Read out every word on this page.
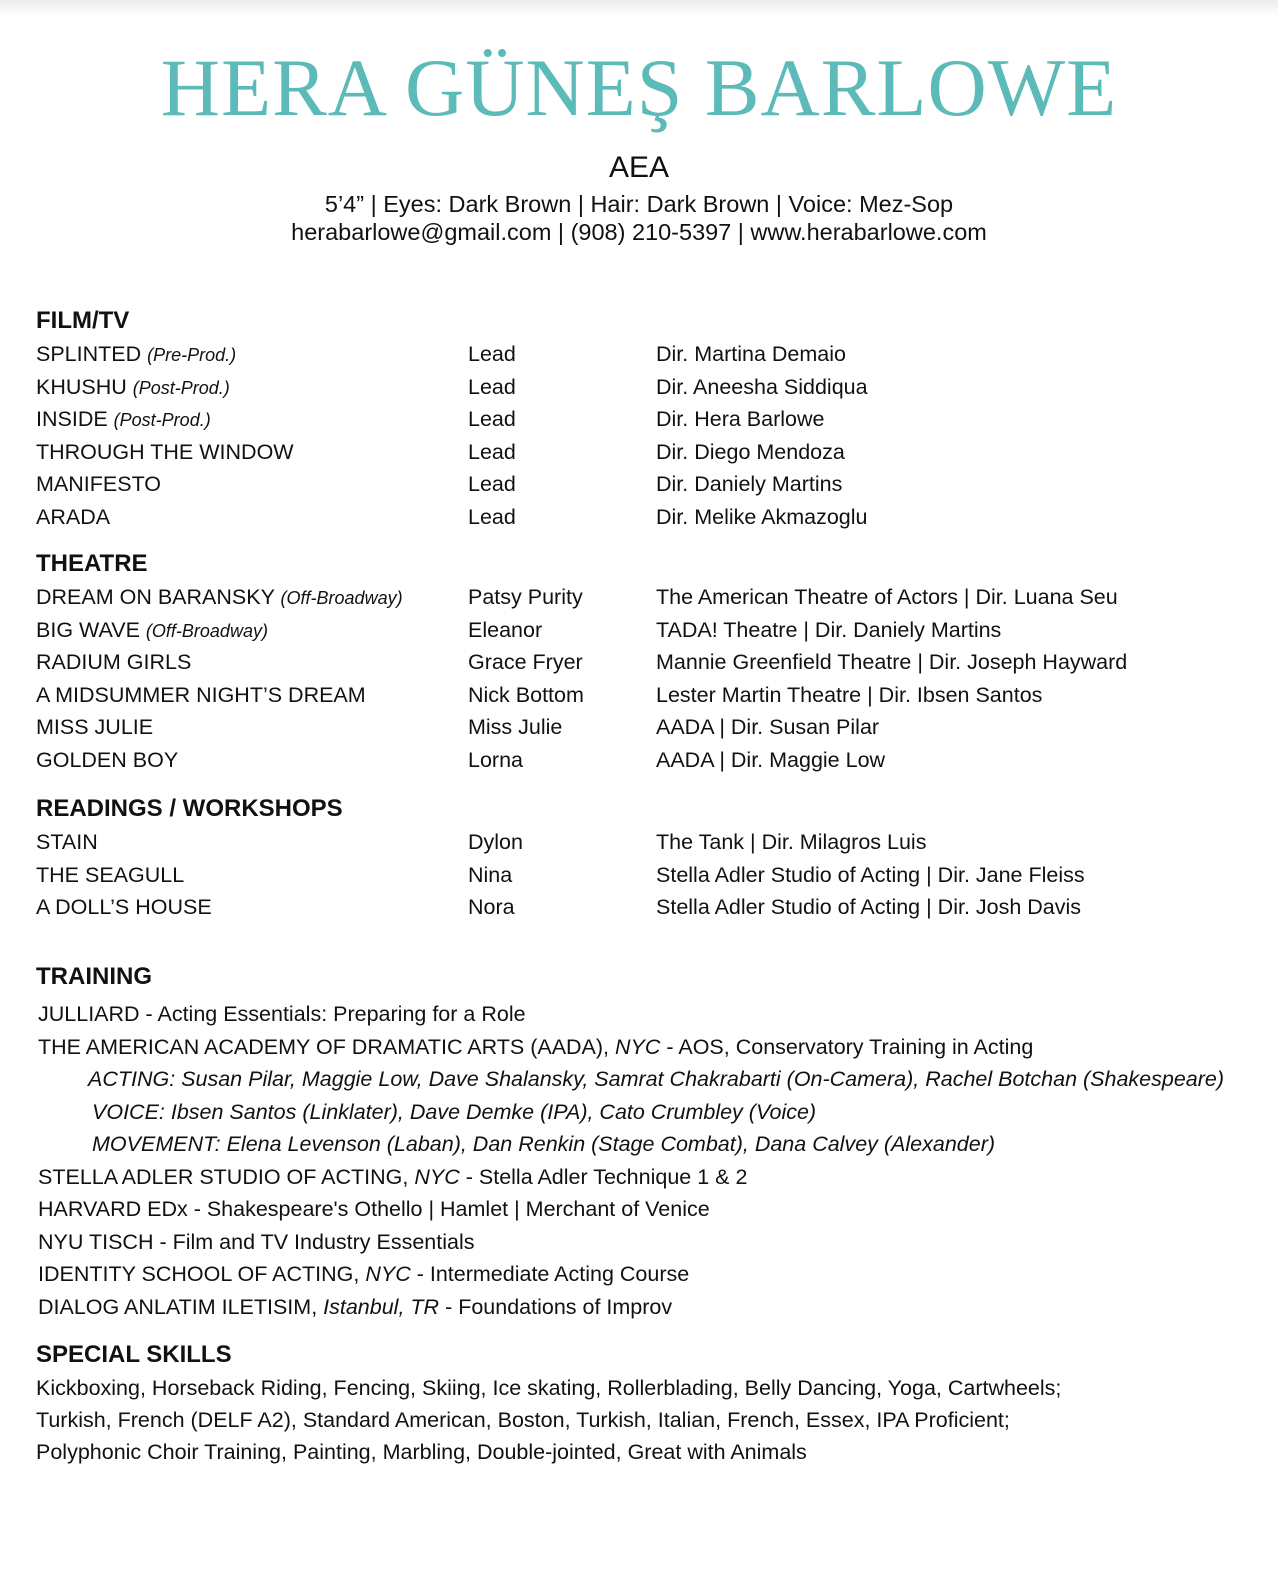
HERA GÜNEŞ BARLOWE
AEA
5’4” | Eyes: Dark Brown | Hair: Dark Brown | Voice: Mez-Sop
herabarlowe@gmail.com | (908) 210-5397 | www.herabarlowe.com
FILM/TV
SPLINTED (Pre-Prod.)	Lead	Dir. Martina Demaio
KHUSHU (Post-Prod.)	Lead	Dir. Aneesha Siddiqua
INSIDE (Post-Prod.)	Lead	Dir. Hera Barlowe
THROUGH THE WINDOW	Lead	Dir. Diego Mendoza
MANIFESTO	Lead	Dir. Daniely Martins
ARADA	Lead	Dir. Melike Akmazoglu
THEATRE
DREAM ON BARANSKY (Off-Broadway)	Patsy Purity	The American Theatre of Actors | Dir. Luana Seu
BIG WAVE (Off-Broadway)	Eleanor	TADA! Theatre | Dir. Daniely Martins
RADIUM GIRLS	Grace Fryer	Mannie Greenfield Theatre | Dir. Joseph Hayward
A MIDSUMMER NIGHT’S DREAM	Nick Bottom	Lester Martin Theatre | Dir. Ibsen Santos
MISS JULIE	Miss Julie	AADA | Dir. Susan Pilar
GOLDEN BOY	Lorna	AADA | Dir. Maggie Low
READINGS / WORKSHOPS
STAIN	Dylon	The Tank | Dir. Milagros Luis
THE SEAGULL	Nina	Stella Adler Studio of Acting | Dir. Jane Fleiss
A DOLL’S HOUSE	Nora	Stella Adler Studio of Acting | Dir. Josh Davis
TRAINING
JULLIARD - Acting Essentials: Preparing for a Role
THE AMERICAN ACADEMY OF DRAMATIC ARTS (AADA), NYC - AOS, Conservatory Training in Acting
ACTING: Susan Pilar, Maggie Low, Dave Shalansky, Samrat Chakrabarti (On-Camera), Rachel Botchan (Shakespeare)
VOICE: Ibsen Santos (Linklater), Dave Demke (IPA), Cato Crumbley (Voice)
MOVEMENT: Elena Levenson (Laban), Dan Renkin (Stage Combat), Dana Calvey (Alexander)
STELLA ADLER STUDIO OF ACTING, NYC - Stella Adler Technique 1 & 2
HARVARD EDx - Shakespeare's Othello | Hamlet | Merchant of Venice
NYU TISCH - Film and TV Industry Essentials
IDENTITY SCHOOL OF ACTING, NYC - Intermediate Acting Course
DIALOG ANLATIM ILETISIM, Istanbul, TR - Foundations of Improv
SPECIAL SKILLS
Kickboxing, Horseback Riding, Fencing, Skiing, Ice skating, Rollerblading, Belly Dancing, Yoga, Cartwheels;
Turkish, French (DELF A2), Standard American, Boston, Turkish, Italian, French, Essex, IPA Proficient;
Polyphonic Choir Training, Painting, Marbling, Double-jointed, Great with Animals
